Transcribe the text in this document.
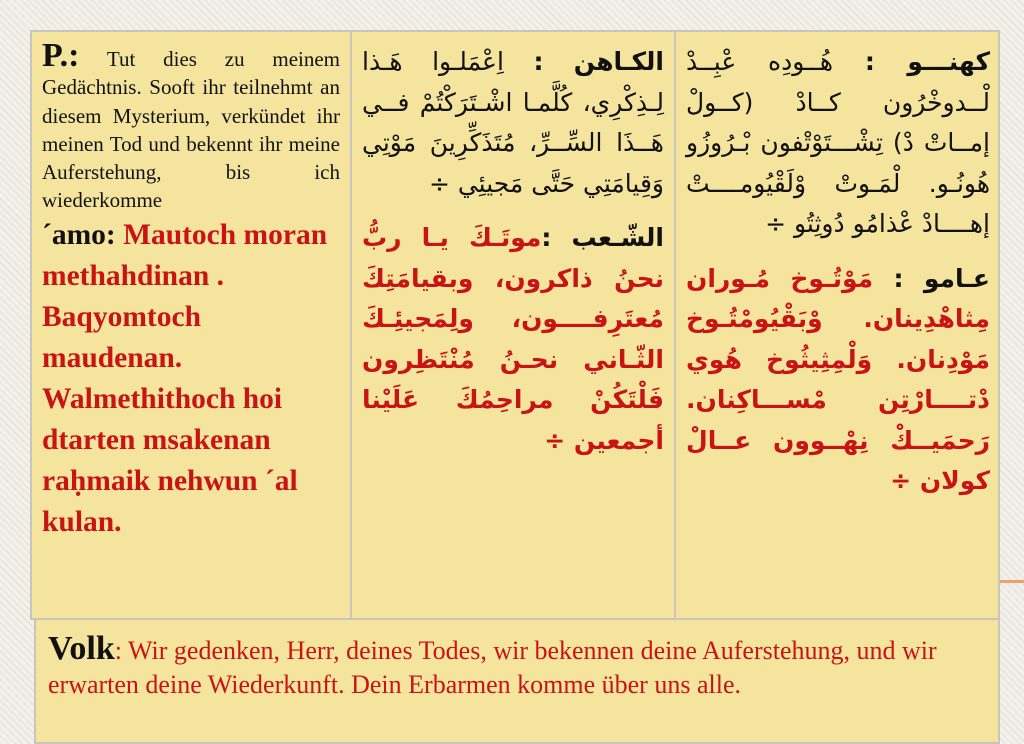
P.: Tut dies zu meinem Gedächtnis. Sooft ihr teilnehmt an diesem Mysterium, verkündet ihr meinen Tod und bekennt ihr meine Auferstehung, bis ich wiederkomme

´amo: Mautoch moran methahdinan . Baqyomtoch maudenan. Walmethithoch hoi dtarten msakenan raḥmaik nehwun ´al kulan.

الكـاهن : اِعْمَلـوا هَـذا لِـذِكْرِي، كُلَّمـا اشْـتَرَكْتُمْ فــي هَــذَا السِّــرِّ، مُتَذَكِّرِينَ مَوْتِي وَقِيامَتِي حَتَّى مَجيئِي ÷

الشّـعب :موتَـكَ يـا ربُّ نحنُ ذاكرون، وبقيامَتِكَ مُعتَرِفــــون، ولِمَجيئِـكَ الثّـاني نحـنُ مُنْتَظِرون فَلْتَكُنْ مراحِمُكَ عَلَيْنا أجمعين ÷

كهنـــو : هُــودِه عْبِــدْ لْــدوخْرُون كــادْ (كــولْ إمــاتْ دْ) تِشْـــتَوْتْفون بْـرُوزُو هُونُـو. لْمَـوتْ وْلَقْيُومــــتْ إهــــادْ عْذامُو دُوثِتُو ÷

عـامو : مَوْتُـوخ مُـوران مِثاهْدِينان. وْبَقْيُومْتُـوخ مَوْدِنان. وَلْمِثِيثُوخ هُوي دْتــــارْتِن مْســـاكِنان. رَحمَيــكْ نِهْــوون عــالْ كولان ÷

Volk: Wir gedenken, Herr, deines Todes, wir bekennen deine Auferstehung, und wir erwarten deine Wiederkunft. Dein Erbarmen komme über uns alle.
